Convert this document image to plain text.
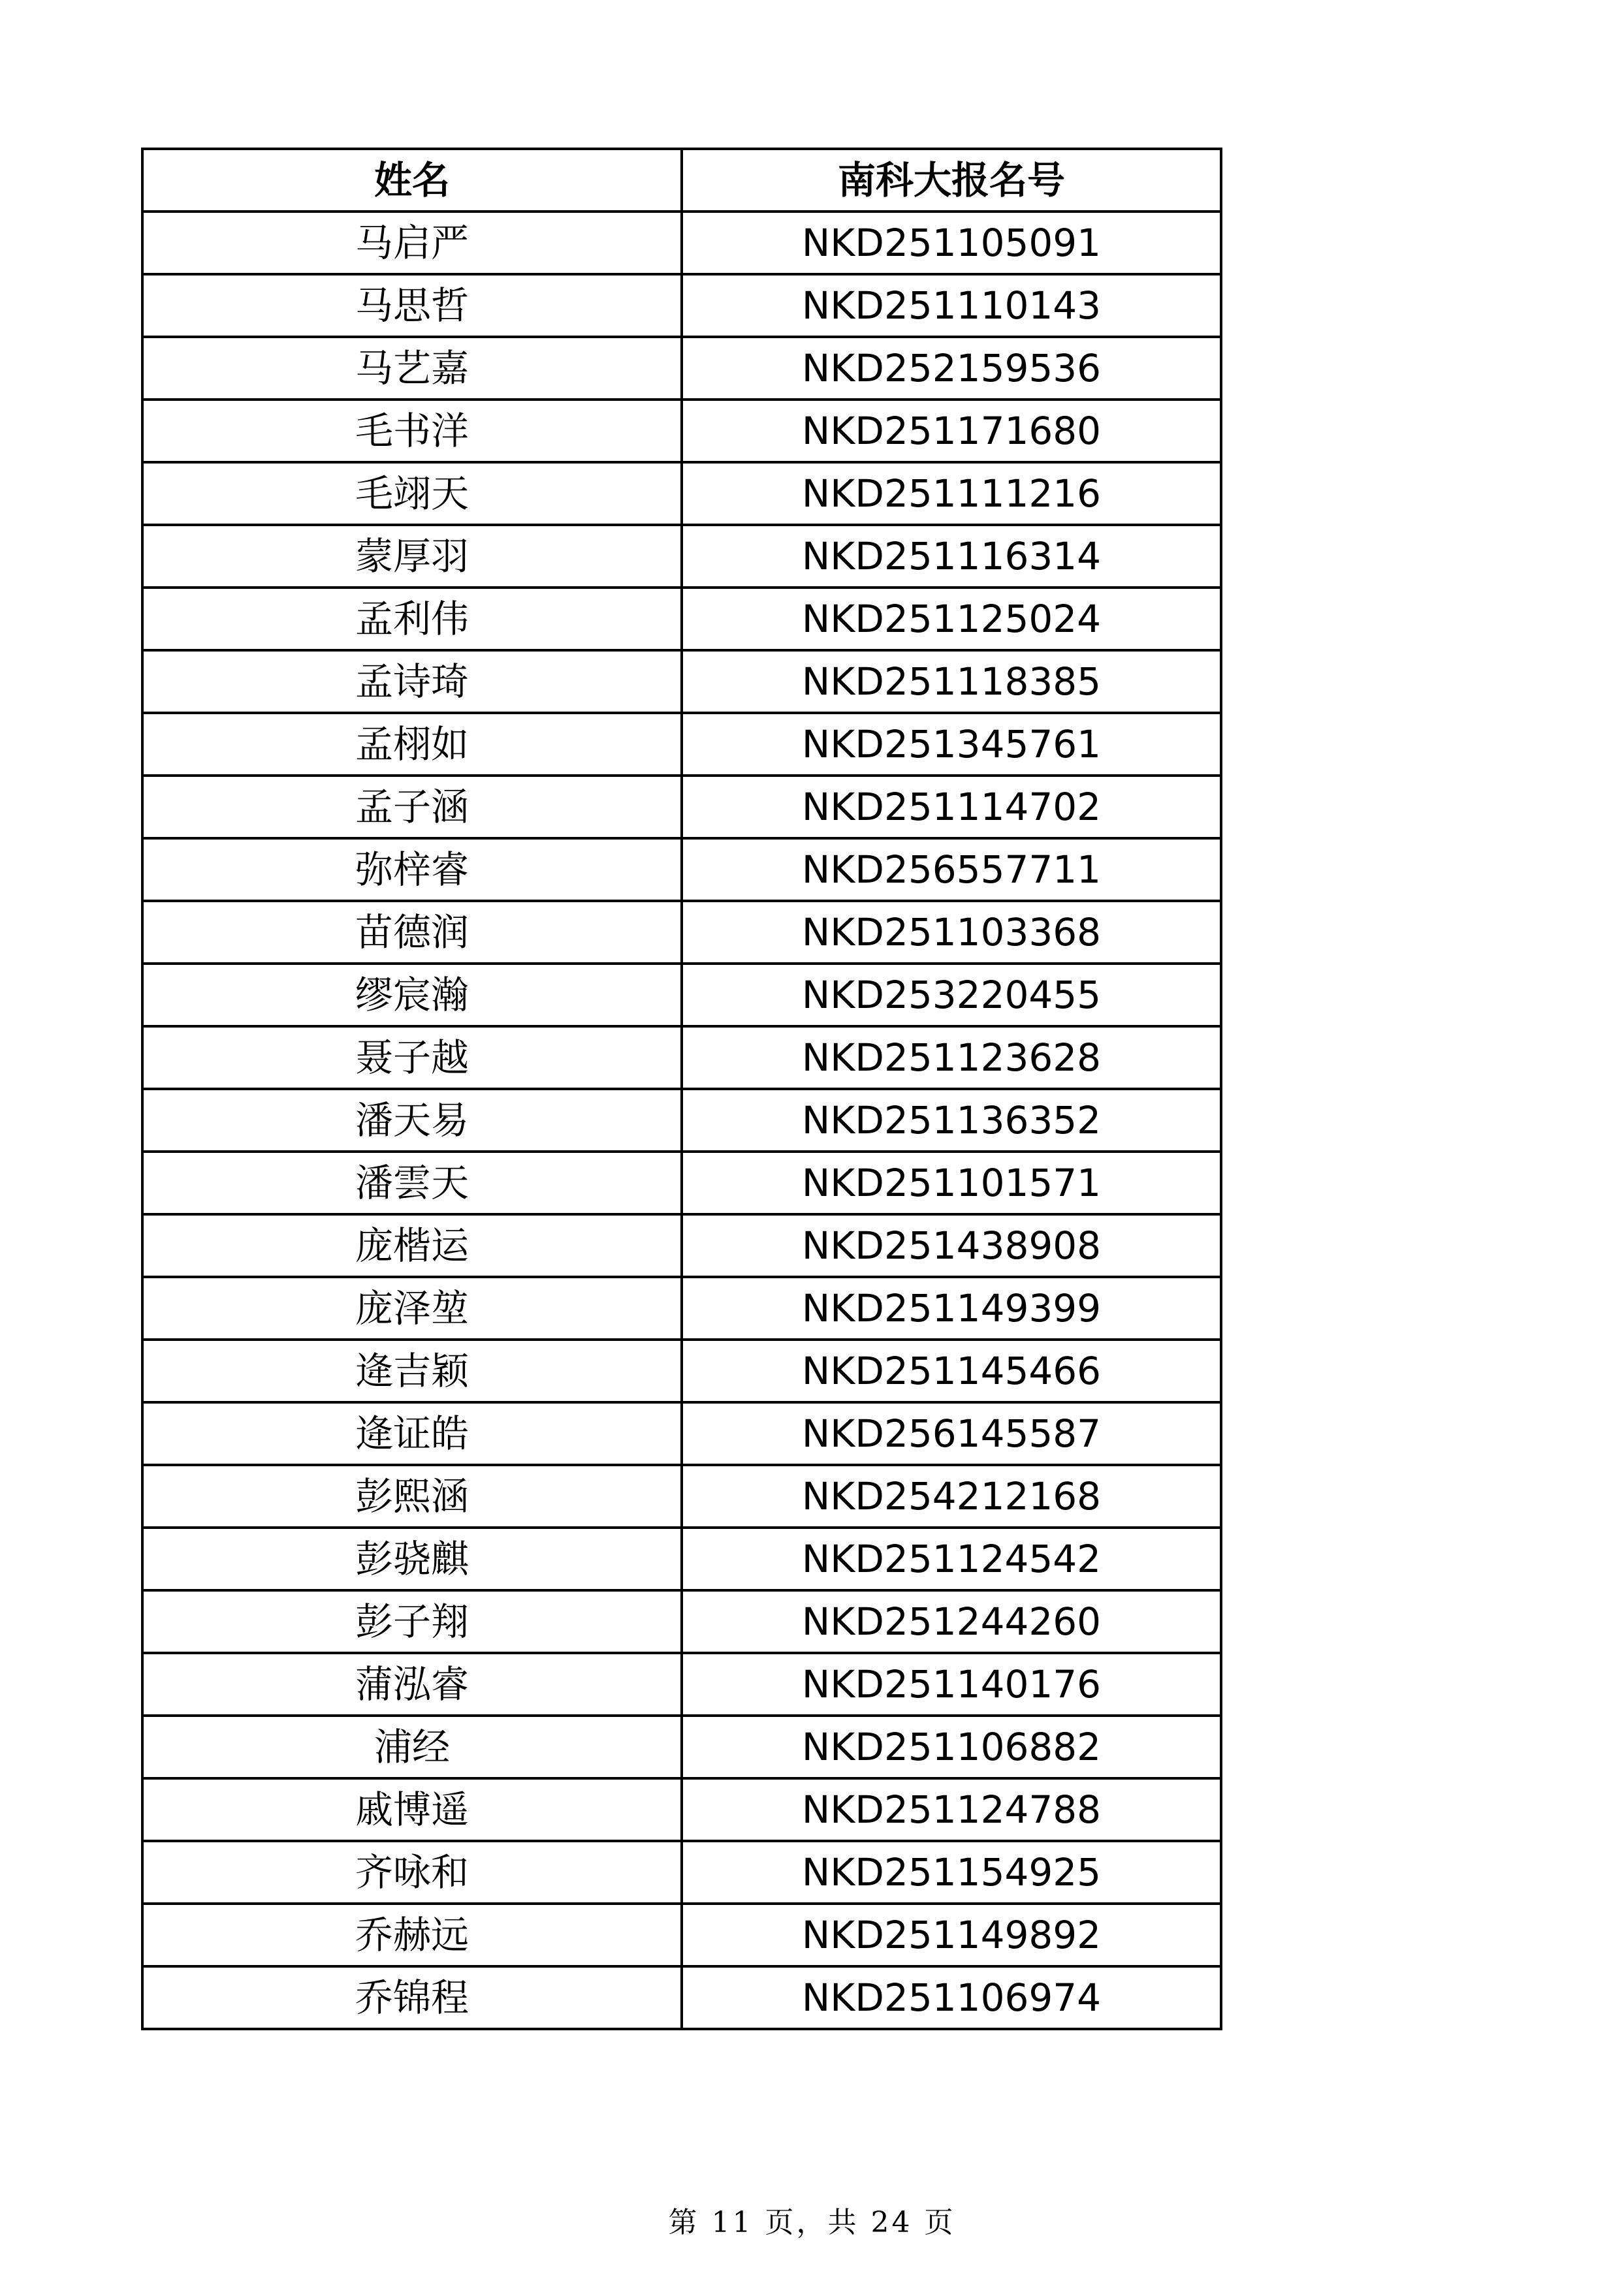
姓名	南科大报名号
马启严	NKD251105091
马思哲	NKD251110143
马艺嘉	NKD252159536
毛书洋	NKD251171680
毛翊天	NKD251111216
蒙厚羽	NKD251116314
孟利伟	NKD251125024
孟诗琦	NKD251118385
孟栩如	NKD251345761
孟子涵	NKD251114702
弥梓睿	NKD256557711
苗德润	NKD251103368
缪宸瀚	NKD253220455
聂子越	NKD251123628
潘天易	NKD251136352
潘雲天	NKD251101571
庞楷运	NKD251438908
庞泽堃	NKD251149399
逄吉颖	NKD251145466
逄证皓	NKD256145587
彭熙涵	NKD254212168
彭骁麒	NKD251124542
彭子翔	NKD251244260
蒲泓睿	NKD251140176
浦经	NKD251106882
戚博遥	NKD251124788
齐咏和	NKD251154925
乔赫远	NKD251149892
乔锦程	NKD251106974
第 11 页，共 24 页
